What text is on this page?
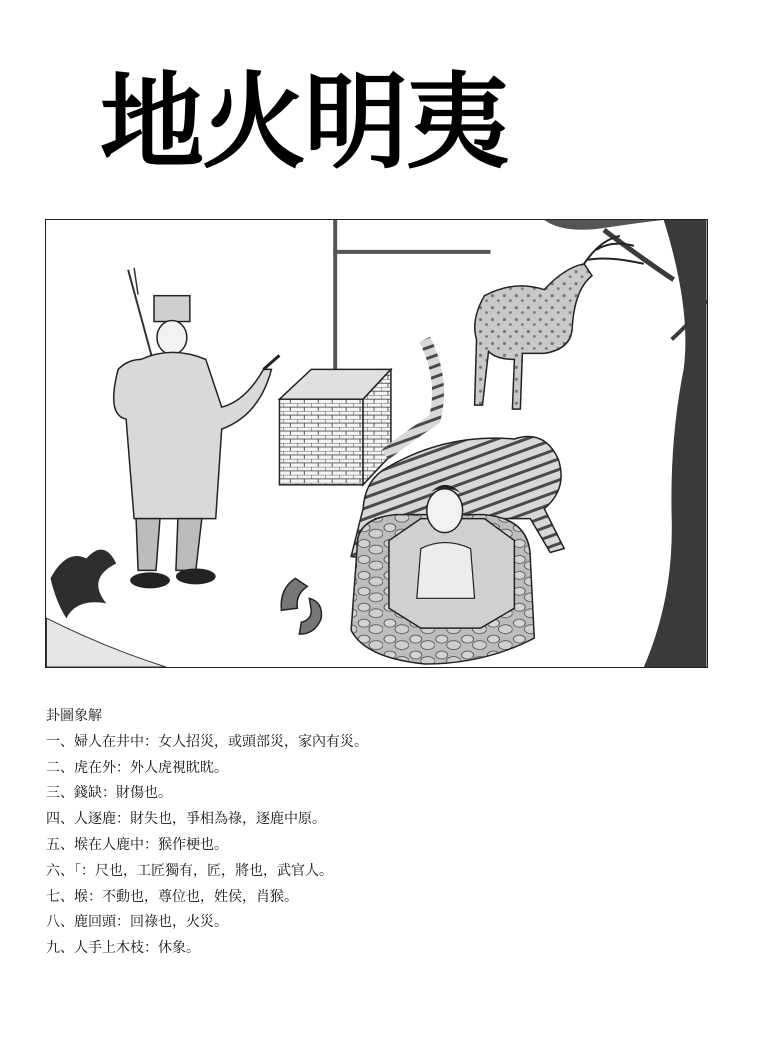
地火明夷
卦圖象解
一、婦人在井中：女人招災，或頭部災，家內有災。
二、虎在外：外人虎視眈眈。
三、錢缺：財傷也。
四、人逐鹿：財失也，爭相為祿，逐鹿中原。
五、堠在人鹿中：猴作梗也。
六、「：尺也，工匠獨有，匠，將也，武官人。
七、堠：不動也，尊位也，姓侯，肖猴。
八、鹿回頭：回祿也，火災。
九、人手上木枝：休象。
